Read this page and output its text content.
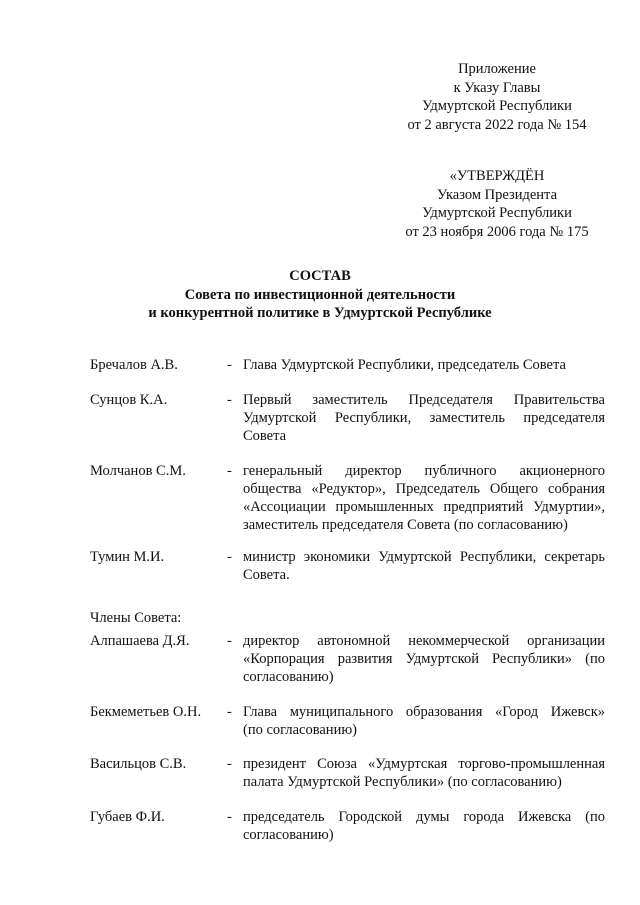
Приложение
к Указу Главы
Удмуртской Республики
от 2 августа 2022 года № 154
«УТВЕРЖДЁН
Указом Президента
Удмуртской Республики
от 23 ноября 2006 года № 175
СОСТАВ
Совета по инвестиционной деятельности
и конкурентной политике в Удмуртской Республике
Бречалов А.В.	- Глава Удмуртской Республики, председатель Совета
Сунцов К.А.	- Первый заместитель Председателя Правительства
Удмуртской Республики, заместитель председателя
Совета
Молчанов С.М.	- генеральный директор публичного акционерного
общества «Редуктор», Председатель Общего собрания
«Ассоциации промышленных предприятий Удмуртии»,
заместитель председателя Совета (по согласованию)
Тумин М.И.	- министр экономики Удмуртской Республики, секретарь
Совета.
Члены Совета:
Алпашаева Д.Я.	- директор автономной некоммерческой организации
«Корпорация развития Удмуртской Республики» (по
согласованию)
Бекмеметьев О.Н. - Глава муниципального образования «Город Ижевск»
(по согласованию)
Васильцов С.В.	- президент Союза «Удмуртская торгово-промышленная
палата Удмуртской Республики» (по согласованию)
Губаев Ф.И.	- председатель Городской думы города Ижевска (по
согласованию)
